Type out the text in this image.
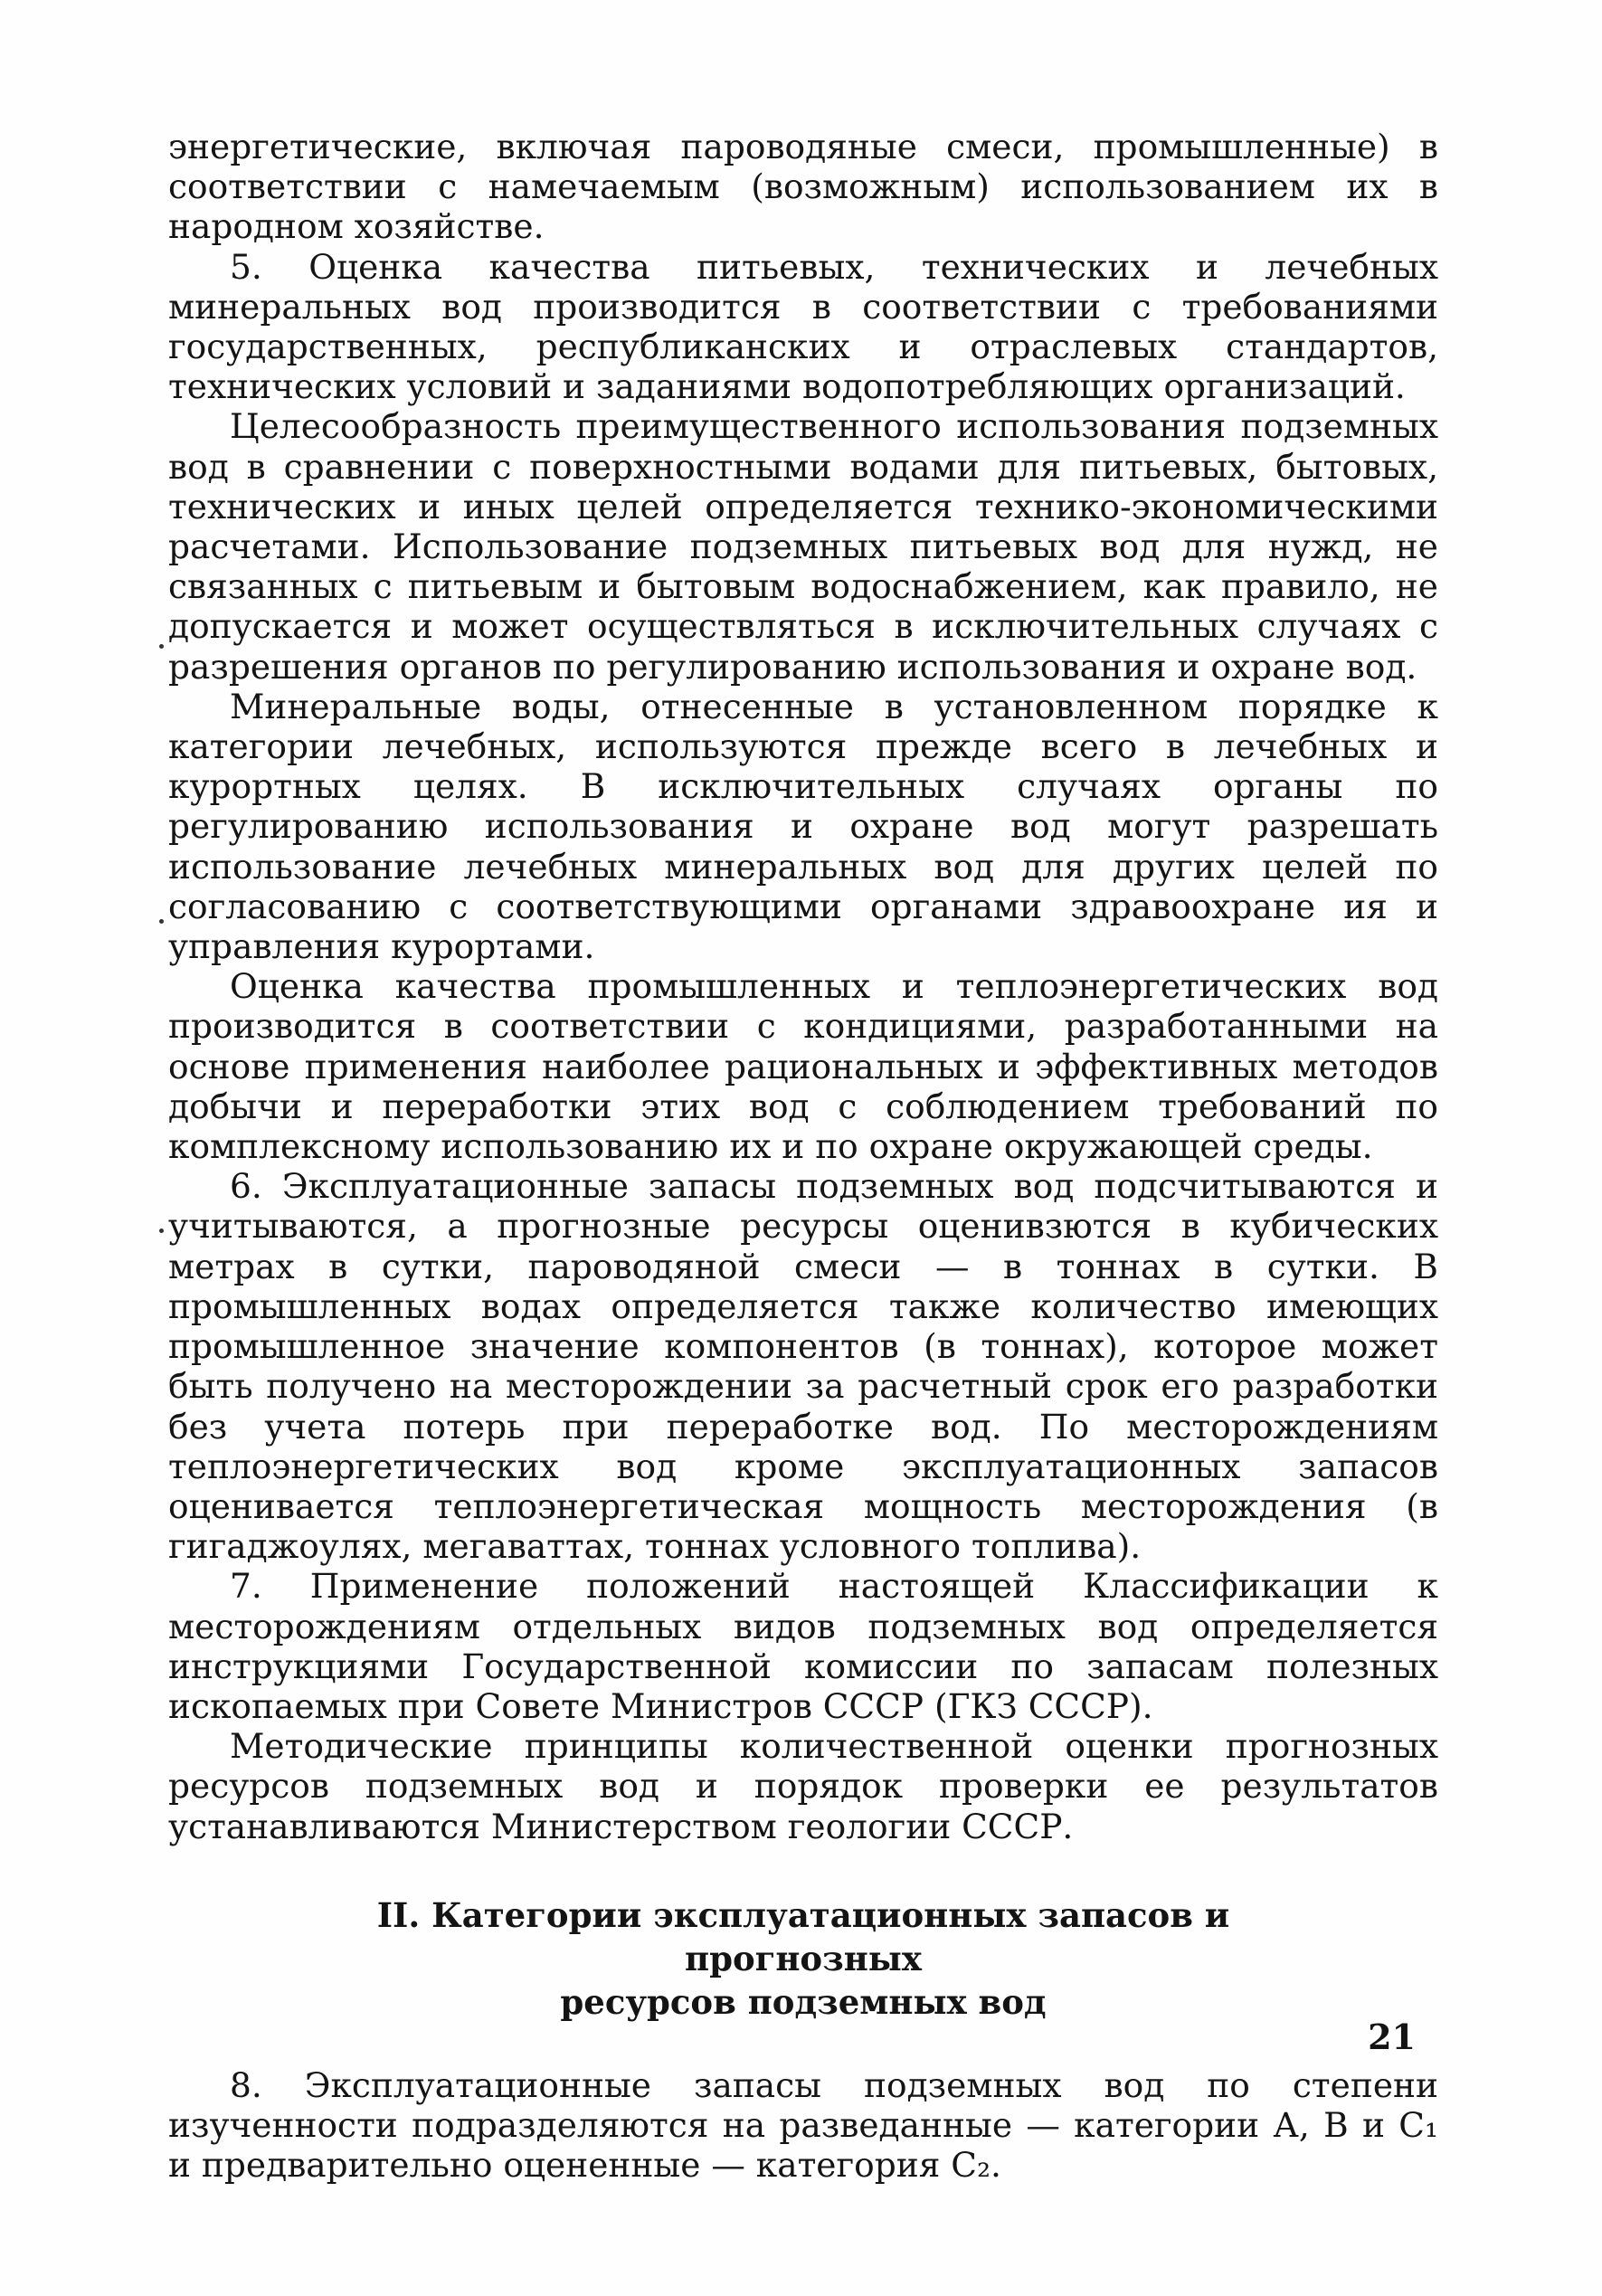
энергетические, включая пароводяные смеси, промышленные) в соответствии с намечаемым (возможным) использованием их в народном хозяйстве.

5. Оценка качества питьевых, технических и лечебных минеральных вод производится в соответствии с требованиями государственных, республиканских и отраслевых стандартов, технических условий и заданиями водопотребляющих организаций.

Целесообразность преимущественного использования подземных вод в сравнении с поверхностными водами для питьевых, бытовых, технических и иных целей определяется технико-экономическими расчетами. Использование подземных питьевых вод для нужд, не связанных с питьевым и бытовым водоснабжением, как правило, не допускается и может осуществляться в исключительных случаях с разрешения органов по регулированию использования и охране вод.

Минеральные воды, отнесенные в установленном порядке к категории лечебных, используются прежде всего в лечебных и курортных целях. В исключительных случаях органы по регулированию использования и охране вод могут разрешать использование лечебных минеральных вод для других целей по согласованию с соответствующими органами здравоохране ия и управления курортами.

Оценка качества промышленных и теплоэнергетических вод производится в соответствии с кондициями, разработанными на основе применения наиболее рациональных и эффективных методов добычи и переработки этих вод с соблюдением требований по комплексному использованию их и по охране окружающей среды.

6. Эксплуатационные запасы подземных вод подсчитываются и учитываются, а прогнозные ресурсы оценивзются в кубических метрах в сутки, пароводяной смеси — в тоннах в сутки. В промышленных водах определяется также количество имеющих промышленное значение компонентов (в тоннах), которое может быть получено на месторождении за расчетный срок его разработки без учета потерь при переработке вод. По месторождениям теплоэнергетических вод кроме эксплуатационных запасов оценивается теплоэнергетическая мощность месторождения (в гигаджоулях, мегаваттах, тоннах условного топлива).

7. Применение положений настоящей Классификации к месторождениям отдельных видов подземных вод определяется инструкциями Государственной комиссии по запасам полезных ископаемых при Совете Министров СССР (ГКЗ СССР).

Методические принципы количественной оценки прогнозных ресурсов подземных вод и порядок проверки ее результатов устанавливаются Министерством геологии СССР.

II. Категории эксплуатационных запасов и прогнозных
ресурсов подземных вод

8. Эксплуатационные запасы подземных вод по степени изученности подразделяются на разведанные — категории А, В и С₁ и предварительно оцененные — категория С₂.

21
